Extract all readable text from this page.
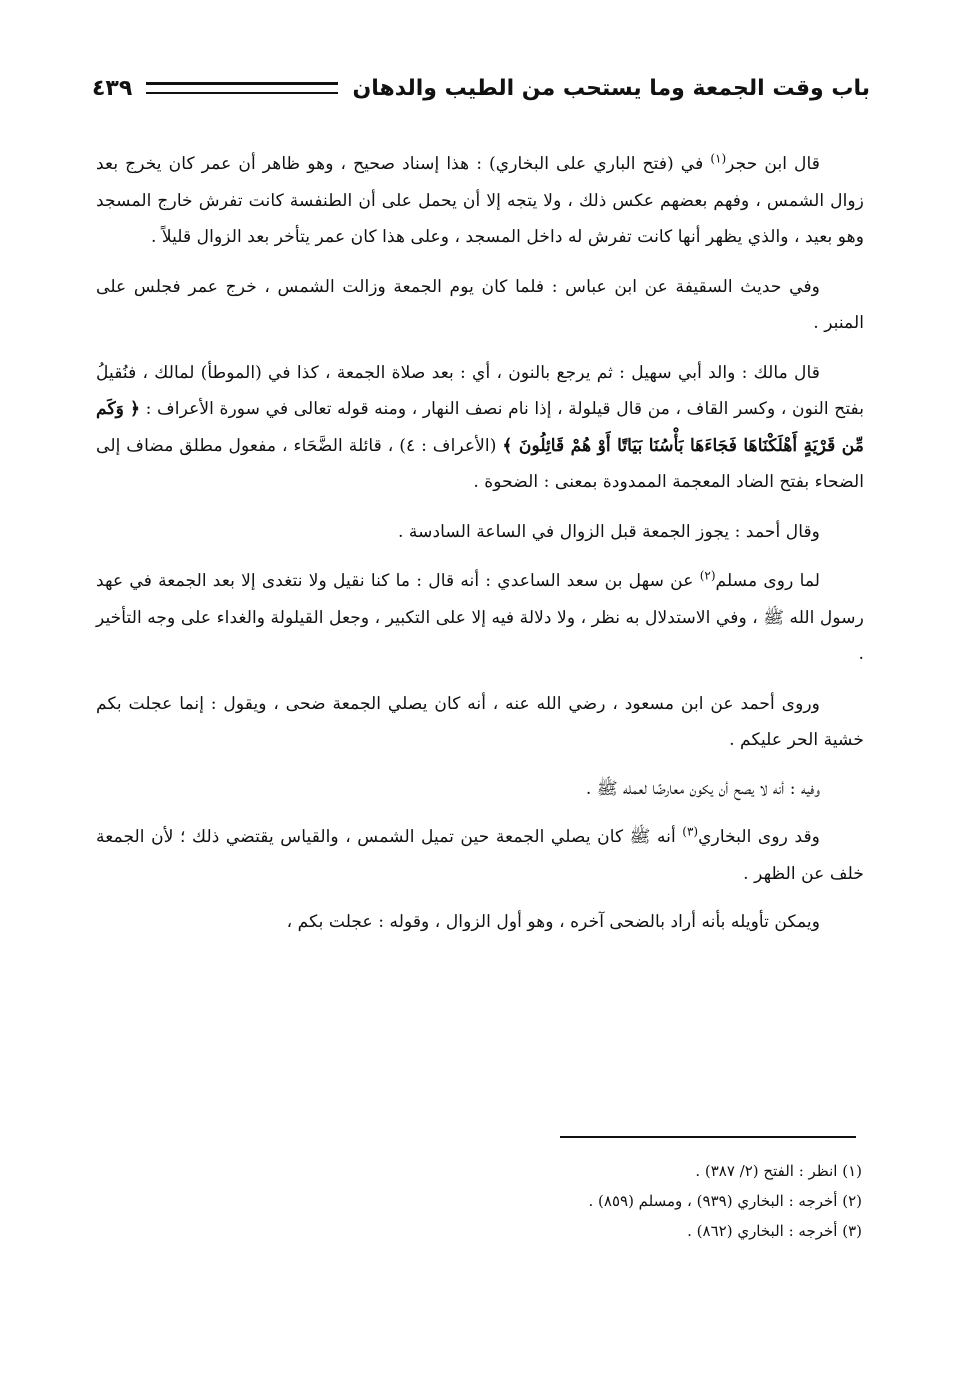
باب وقت الجمعة وما يستحب من الطيب والدهان
٤٣٩

قال ابن حجر$^{(١)}$ في (فتح الباري على البخاري) : هذا إسناد صحيح ، وهو ظاهر أن عمر كان يخرج بعد زوال الشمس ، وفهم بعضهم عكس ذلك ، ولا يتجه إلا أن يحمل على أن الطنفسة كانت تفرش خارج المسجد وهو بعيد ، والذي يظهر أنها كانت تفرش له داخل المسجد ، وعلى هذا كان عمر يتأخر بعد الزوال قليلاً .

وفي حديث السقيفة عن ابن عباس : فلما كان يوم الجمعة وزالت الشمس ، خرج عمر فجلس على المنبر .

قال مالك : والد أبي سهيل : ثم يرجع بالنون ، أي : بعد صلاة الجمعة ، كذا في (الموطأ) لمالك ، فنُقيلُ بفتح النون ، وكسر القاف ، من قال قيلولة ، إذا نام نصف النهار ، ومنه قوله تعالى في سورة الأعراف : ﴿ وَكَم مِّن قَرْيَةٍ أَهْلَكْنَاهَا فَجَاءَهَا بَأْسُنَا بَيَاتًا أَوْ هُمْ قَائِلُونَ ﴾ (الأعراف : ٤) ، قائلة الضَّحَاء ، مفعول مطلق مضاف إلى الضحاء بفتح الضاد المعجمة الممدودة بمعنى : الضحوة .

وقال أحمد : يجوز الجمعة قبل الزوال في الساعة السادسة .

لما روى مسلم$^{(٢)}$ عن سهل بن سعد الساعدي : أنه قال : ما كنا نقيل ولا نتغدى إلا بعد الجمعة في عهد رسول الله ﷺ ، وفي الاستدلال به نظر ، ولا دلالة فيه إلا على التكبير ، وجعل القيلولة والغداء على وجه التأخير .

وروى أحمد عن ابن مسعود ، رضي الله عنه ، أنه كان يصلي الجمعة ضحى ، ويقول : إنما عجلت بكم خشية الحر عليكم .

وفيه : أنه لا يصح أن يكون معارضًا لعمله ﷺ .

وقد روى البخاري$^{(٣)}$ أنه ﷺ كان يصلي الجمعة حين تميل الشمس ، والقياس يقتضي ذلك ؛ لأن الجمعة خلف عن الظهر .

ويمكن تأويله بأنه أراد بالضحى آخره ، وهو أول الزوال ، وقوله : عجلت بكم ،

(١) انظر : الفتح (٢/ ٣٨٧) .

(٢) أخرجه : البخاري (٩٣٩) ، ومسلم (٨٥٩) .

(٣) أخرجه : البخاري (٨٦٢) .
